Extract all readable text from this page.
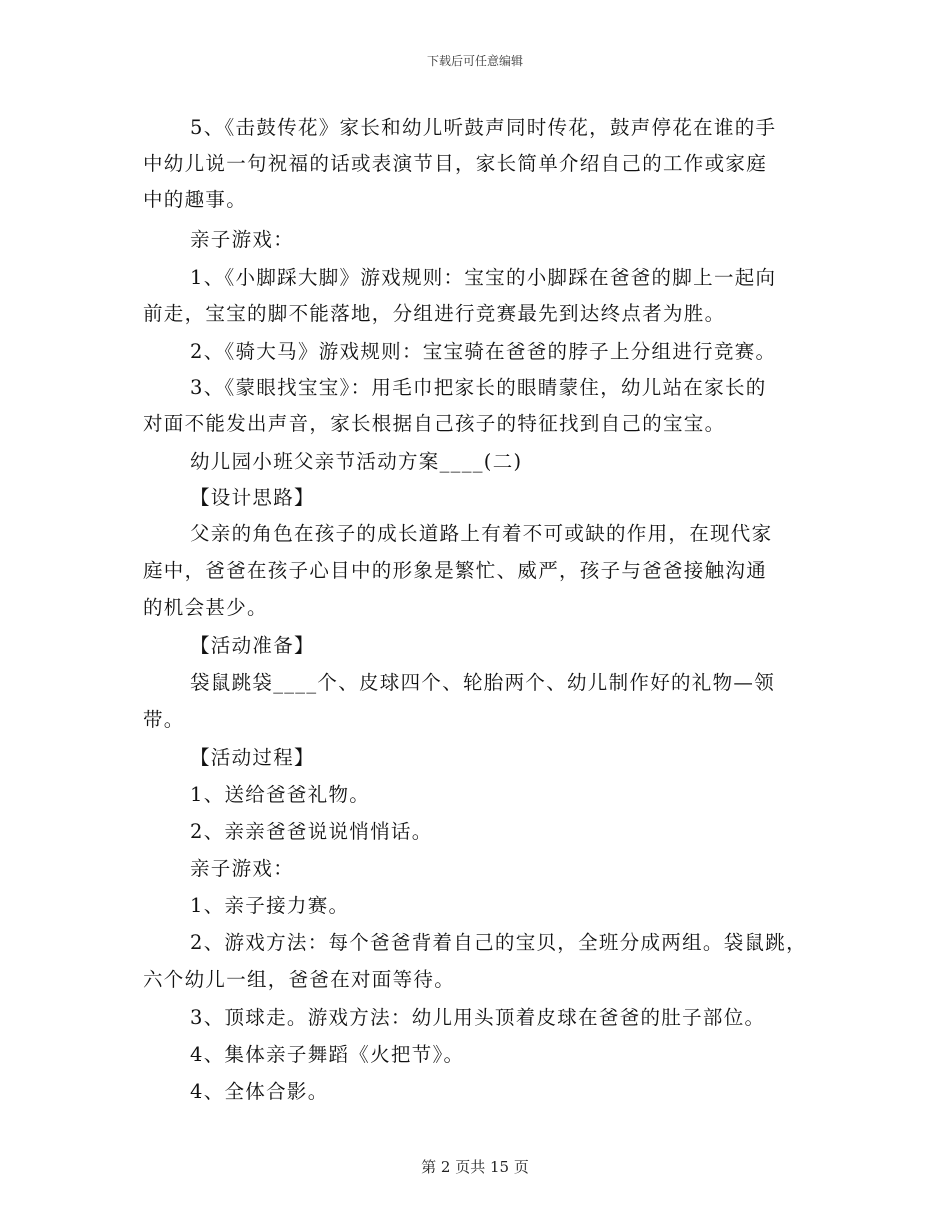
下载后可任意编辑
5、《击鼓传花》家长和幼儿听鼓声同时传花，鼓声停花在谁的手
中幼儿说一句祝福的话或表演节目，家长简单介绍自己的工作或家庭
中的趣事。
亲子游戏：
1、《小脚踩大脚》游戏规则：宝宝的小脚踩在爸爸的脚上一起向
前走，宝宝的脚不能落地，分组进行竞赛最先到达终点者为胜。
2、《骑大马》游戏规则：宝宝骑在爸爸的脖子上分组进行竞赛。
3、《蒙眼找宝宝》：用毛巾把家长的眼睛蒙住，幼儿站在家长的
对面不能发出声音，家长根据自己孩子的特征找到自己的宝宝。
幼儿园小班父亲节活动方案____(二)
【设计思路】
父亲的角色在孩子的成长道路上有着不可或缺的作用，在现代家
庭中，爸爸在孩子心目中的形象是繁忙、威严，孩子与爸爸接触沟通
的机会甚少。
【活动准备】
袋鼠跳袋____个、皮球四个、轮胎两个、幼儿制作好的礼物—领
带。
【活动过程】
1、送给爸爸礼物。
2、亲亲爸爸说说悄悄话。
亲子游戏：
1、亲子接力赛。
2、游戏方法：每个爸爸背着自己的宝贝，全班分成两组。袋鼠跳，
六个幼儿一组，爸爸在对面等待。
3、顶球走。游戏方法：幼儿用头顶着皮球在爸爸的肚子部位。
4、集体亲子舞蹈《火把节》。
4、全体合影。
第 2 页共 15 页
